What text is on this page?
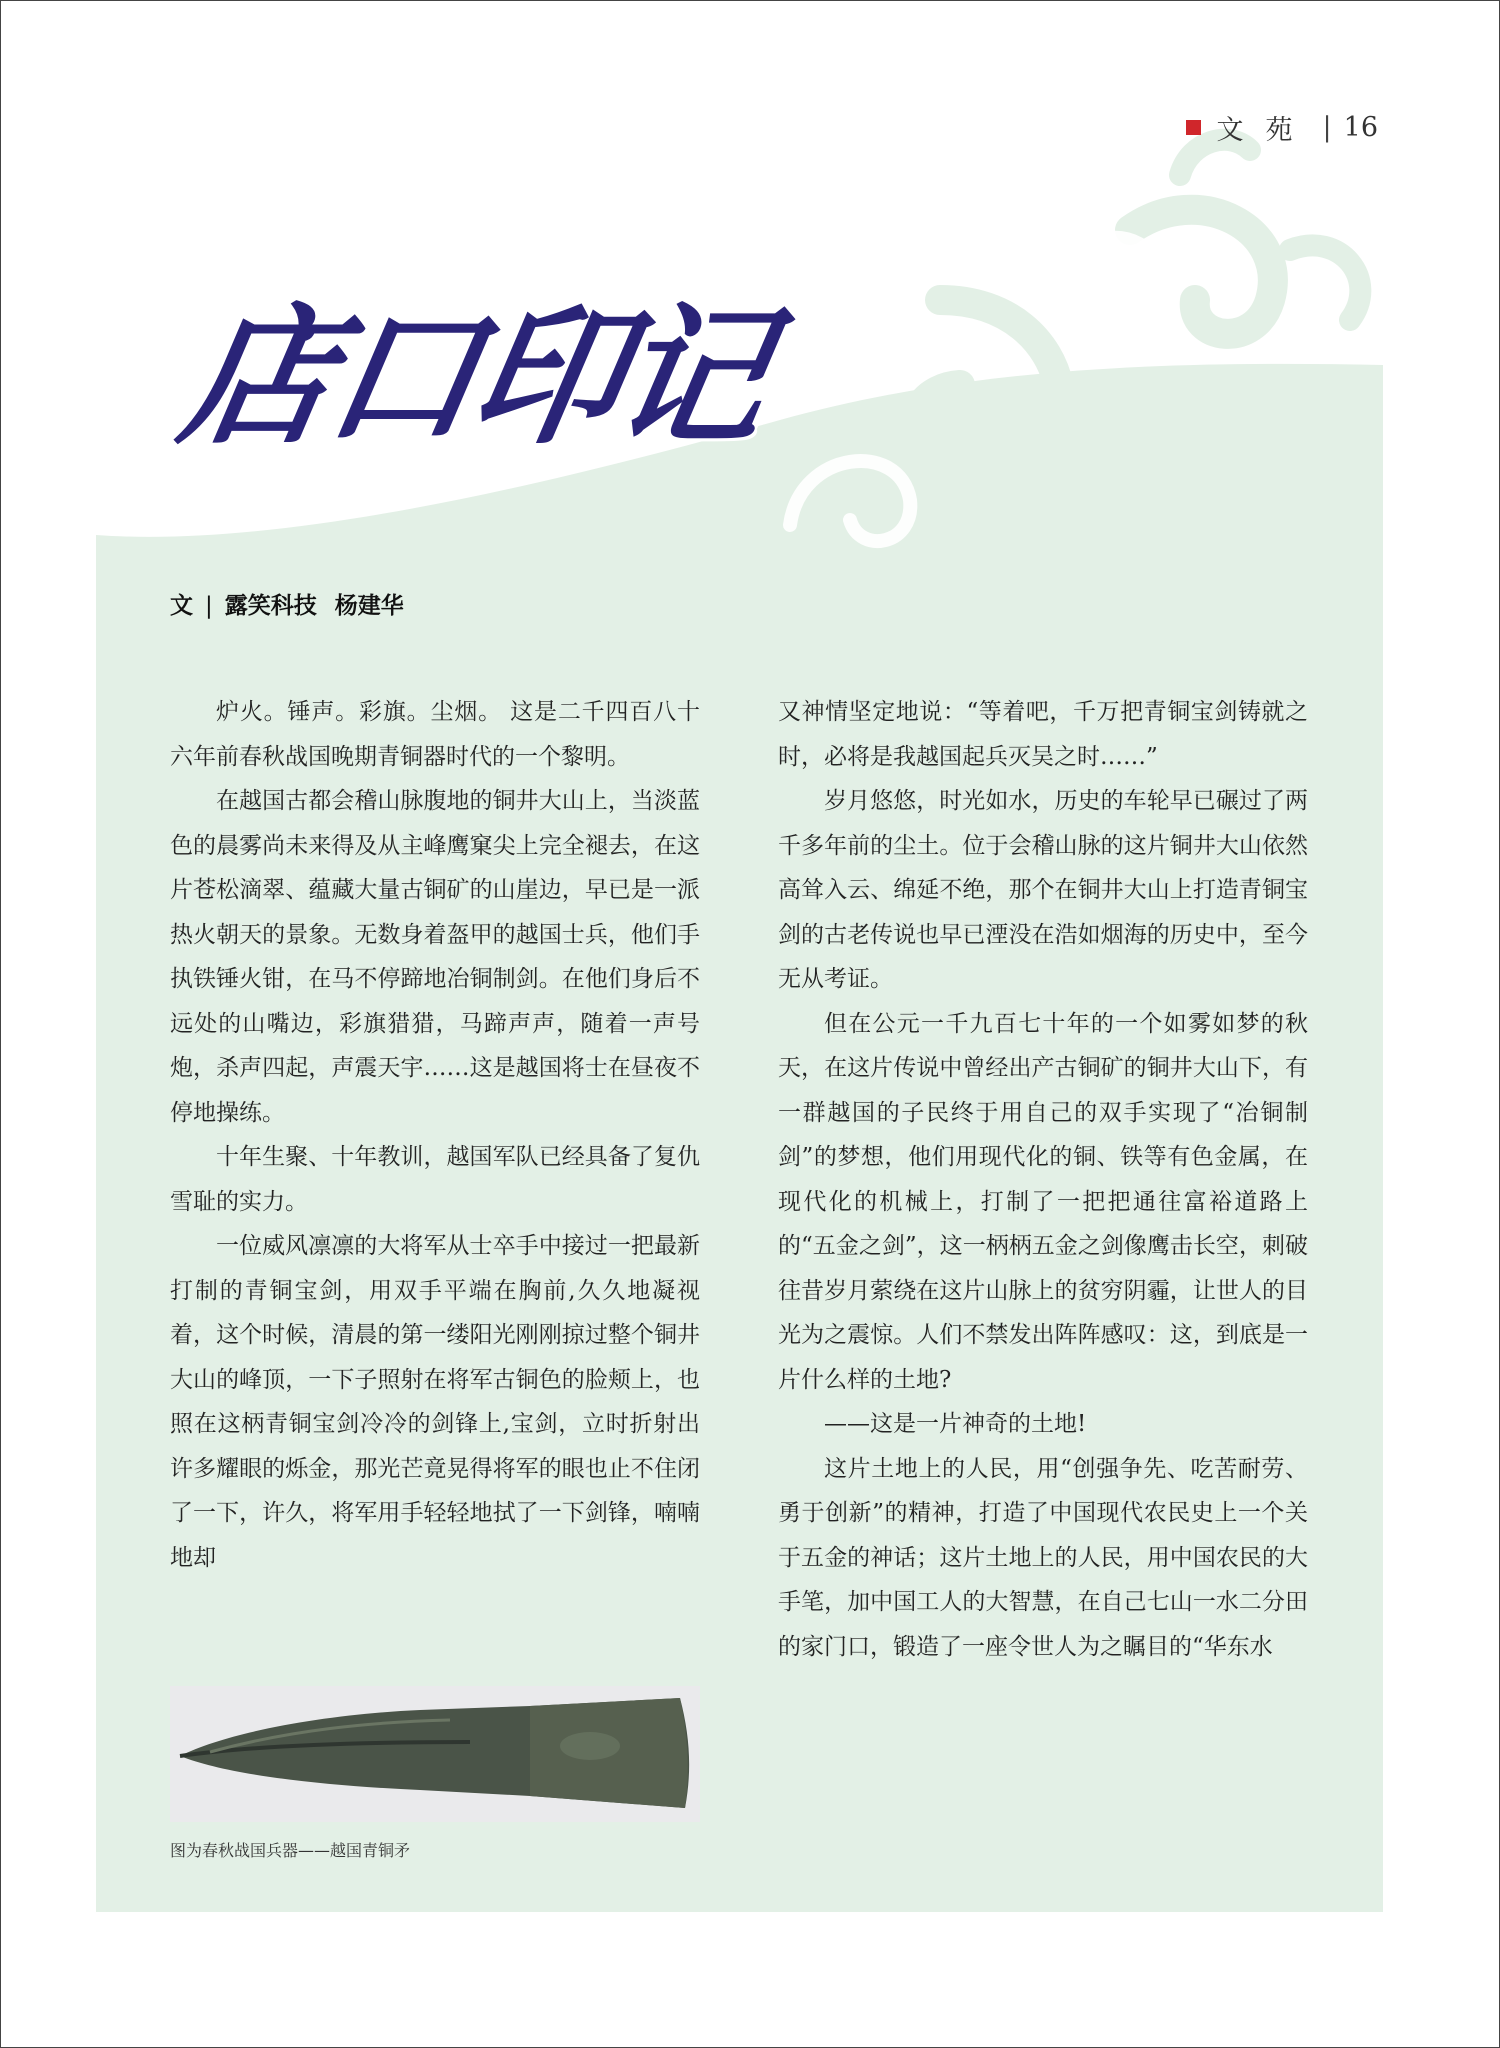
文苑 | 16
店口印记
文 | 露笑科技 杨建华

炉火。锤声。彩旗。尘烟。 这是二千四百八十六年前春秋战国晚期青铜器时代的一个黎明。

在越国古都会稽山脉腹地的铜井大山上，当淡蓝色的晨雾尚未来得及从主峰鹰窠尖上完全褪去，在这片苍松滴翠、蕴藏大量古铜矿的山崖边，早已是一派热火朝天的景象。无数身着盔甲的越国士兵，他们手执铁锤火钳，在马不停蹄地冶铜制剑。在他们身后不远处的山嘴边，彩旗猎猎，马蹄声声，随着一声号炮，杀声四起，声震天宇……这是越国将士在昼夜不停地操练。

十年生聚、十年教训，越国军队已经具备了复仇雪耻的实力。

一位威风凛凛的大将军从士卒手中接过一把最新打制的青铜宝剑，用双手平端在胸前,久久地凝视着，这个时候，清晨的第一缕阳光刚刚掠过整个铜井大山的峰顶，一下子照射在将军古铜色的脸颊上，也照在这柄青铜宝剑冷冷的剑锋上,宝剑，立时折射出许多耀眼的烁金，那光芒竟晃得将军的眼也止不住闭了一下，许久，将军用手轻轻地拭了一下剑锋，喃喃地却

图为春秋战国兵器——越国青铜矛

又神情坚定地说：“等着吧，千万把青铜宝剑铸就之时，必将是我越国起兵灭吴之时……”

岁月悠悠，时光如水，历史的车轮早已碾过了两千多年前的尘土。位于会稽山脉的这片铜井大山依然高耸入云、绵延不绝，那个在铜井大山上打造青铜宝剑的古老传说也早已湮没在浩如烟海的历史中，至今无从考证。

但在公元一千九百七十年的一个如雾如梦的秋天，在这片传说中曾经出产古铜矿的铜井大山下，有一群越国的子民终于用自己的双手实现了“冶铜制剑”的梦想，他们用现代化的铜、铁等有色金属，在现代化的机械上，打制了一把把通往富裕道路上的“五金之剑”，这一柄柄五金之剑像鹰击长空，刺破往昔岁月萦绕在这片山脉上的贫穷阴霾，让世人的目光为之震惊。人们不禁发出阵阵感叹：这，到底是一片什么样的土地?

——这是一片神奇的土地!

这片土地上的人民，用“创强争先、吃苦耐劳、勇于创新”的精神，打造了中国现代农民史上一个关于五金的神话；这片土地上的人民，用中国农民的大手笔，加中国工人的大智慧，在自己七山一水二分田的家门口，锻造了一座令世人为之瞩目的“华东水
